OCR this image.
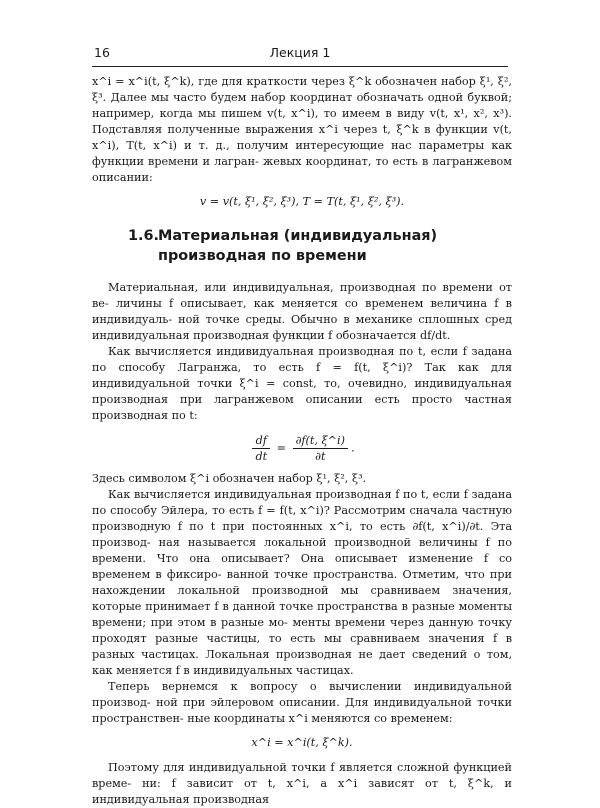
16	Лекция 1

x^i = x^i(t, ξ^k), где для краткости через ξ^k обозначен набор ξ¹, ξ², ξ³. Далее мы часто будем набор координат обозначать одной буквой; например, когда мы пишем v(t, x^i), то имеем в виду v(t, x¹, x², x³). Подставляя полученные выражения x^i через t, ξ^k в функции v(t, x^i), T(t, x^i) и т. д., получим интересующие нас параметры как функции времени и лагран- жевых координат, то есть в лагранжевом описании:

v = v(t, ξ¹, ξ², ξ³), T = T(t, ξ¹, ξ², ξ³).
1.6.Материальная (индивидуальная)
производная по времени

Материальная, или индивидуальная, производная по времени от ве- личины f описывает, как меняется со временем величина f в индивидуаль- ной точке среды. Обычно в механике сплошных сред индивидуальная производная функции f обозначается df/dt.

Как вычисляется индивидуальная производная по t, если f задана по способу Лагранжа, то есть f = f(t, ξ^i)? Так как для индивидуальной точки ξ^i = const, то, очевидно, индивидуальная производная при лагранжевом описании есть просто частная производная по t:

$\frac{df}{dt} = \frac{\partial f(t, \xi\^{}i)}{\partial t}$ .

Здесь символом ξ^i обозначен набор ξ¹, ξ², ξ³.

Как вычисляется индивидуальная производная f по t, если f задана по способу Эйлера, то есть f = f(t, x^i)? Рассмотрим сначала частную производную f по t при постоянных x^i, то есть ∂f(t, x^i)/∂t. Эта производ- ная называется локальной производной величины f по времени. Что она описывает? Она описывает изменение f со временем в фиксиро- ванной точке пространства. Отметим, что при нахождении локальной производной мы сравниваем значения, которые принимает f в данной точке пространства в разные моменты времени; при этом в разные мо- менты времени через данную точку проходят разные частицы, то есть мы сравниваем значения f в разных частицах. Локальная производная не дает сведений о том, как меняется f в индивидуальных частицах.

Теперь вернемся к вопросу о вычислении индивидуальной производ- ной при эйлеровом описании. Для индивидуальной точки пространствен- ные координаты x^i меняются со временем:

x^i = x^i(t, ξ^k).

Поэтому для индивидуальной точки f является сложной функцией време- ни: f зависит от t, x^i, а x^i зависят от t, ξ^k, и индивидуальная производная
